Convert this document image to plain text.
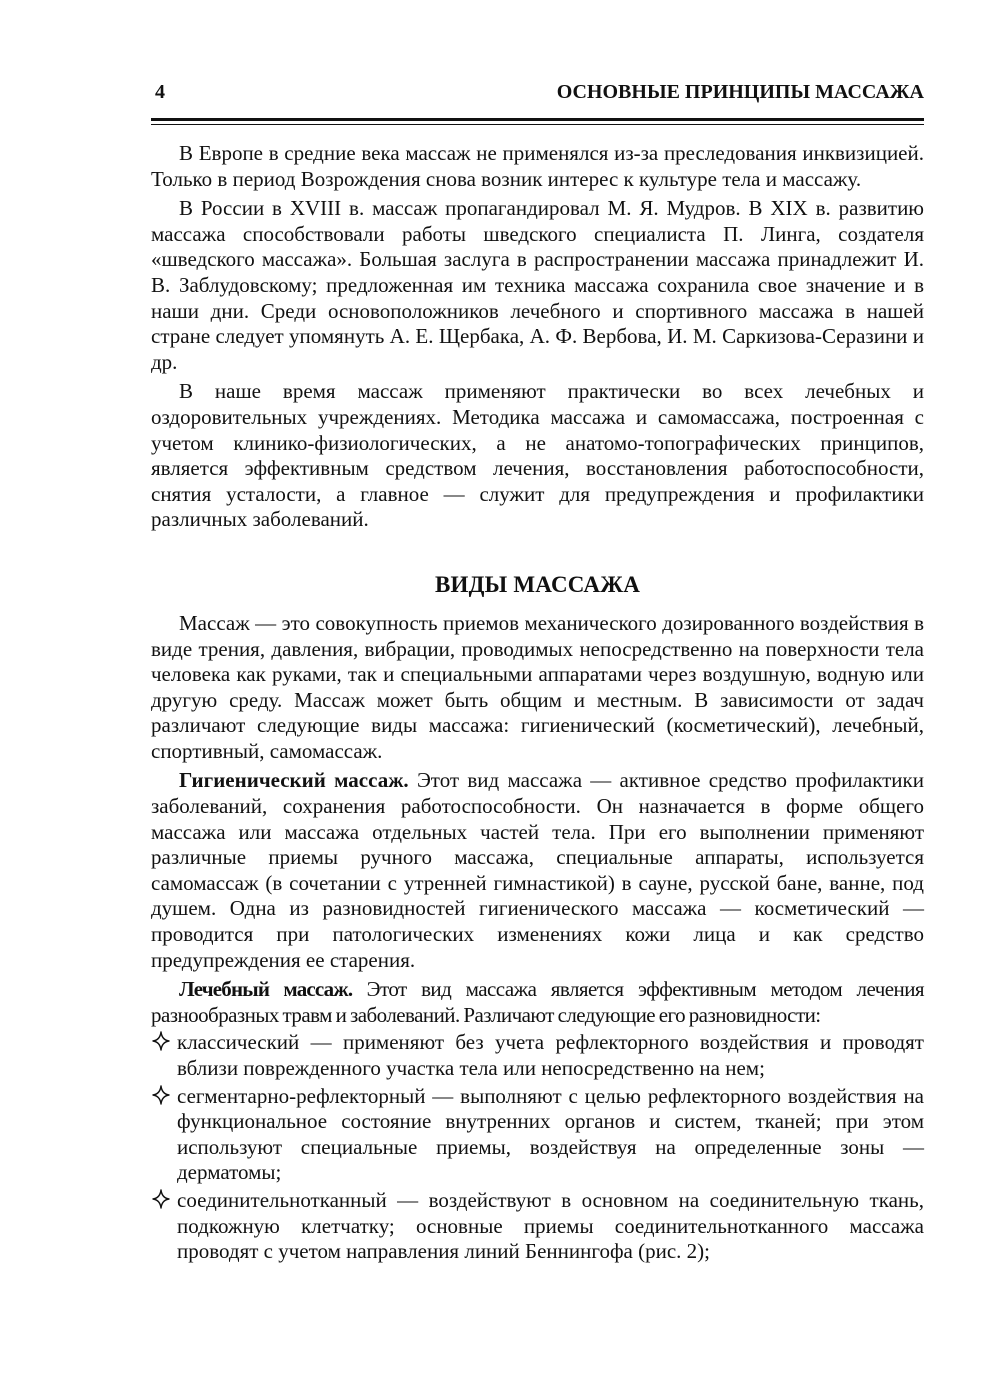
4	ОСНОВНЫЕ ПРИНЦИПЫ МАССАЖА

В Европе в средние века массаж не применялся из-за преследования инквизицией. Только в период Возрождения снова возник интерес к культуре тела и массажу.

В России в XVIII в. массаж пропагандировал М. Я. Мудров. В XIX в. развитию массажа способствовали работы шведского специалиста П. Линга, создателя «шведского массажа». Большая заслуга в распространении массажа принадлежит И. В. Заблудовскому; предложенная им техника массажа сохранила свое значение и в наши дни. Среди основоположников лечебного и спортивного массажа в нашей стране следует упомянуть А. Е. Щербака, А. Ф. Вербова, И. М. Саркизова-Серазини и др.

В наше время массаж применяют практически во всех лечебных и оздоровительных учреждениях. Методика массажа и самомассажа, построенная с учетом клинико-физиологических, а не анатомо-топографических принципов, является эффективным средством лечения, восстановления работоспособности, снятия усталости, а главное — служит для предупреждения и профилактики различных заболеваний.

ВИДЫ МАССАЖА

Массаж — это совокупность приемов механического дозированного воздействия в виде трения, давления, вибрации, проводимых непосредственно на поверхности тела человека как руками, так и специальными аппаратами через воздушную, водную или другую среду. Массаж может быть общим и местным. В зависимости от задач различают следующие виды массажа: гигиенический (косметический), лечебный, спортивный, самомассаж.

Гигиенический массаж. Этот вид массажа — активное средство профилактики заболеваний, сохранения работоспособности. Он назначается в форме общего массажа или массажа отдельных частей тела. При его выполнении применяют различные приемы ручного массажа, специальные аппараты, используется самомассаж (в сочетании с утренней гимнастикой) в сауне, русской бане, ванне, под душем. Одна из разновидностей гигиенического массажа — косметический — проводится при патологических изменениях кожи лица и как средство предупреждения ее старения.

Лечебный массаж. Этот вид массажа является эффективным методом лечения разнообразных травм и заболеваний. Различают следующие его разновидности:

классический — применяют без учета рефлекторного воздействия и проводят вблизи поврежденного участка тела или непосредственно на нем;
сегментарно-рефлекторный — выполняют с целью рефлекторного воздействия на функциональное состояние внутренних органов и систем, тканей; при этом используют специальные приемы, воздействуя на определенные зоны — дерматомы;
соединительнотканный — воздействуют в основном на соединительную ткань, подкожную клетчатку; основные приемы соединительнотканного массажа проводят с учетом направления линий Беннингофа (рис. 2);
